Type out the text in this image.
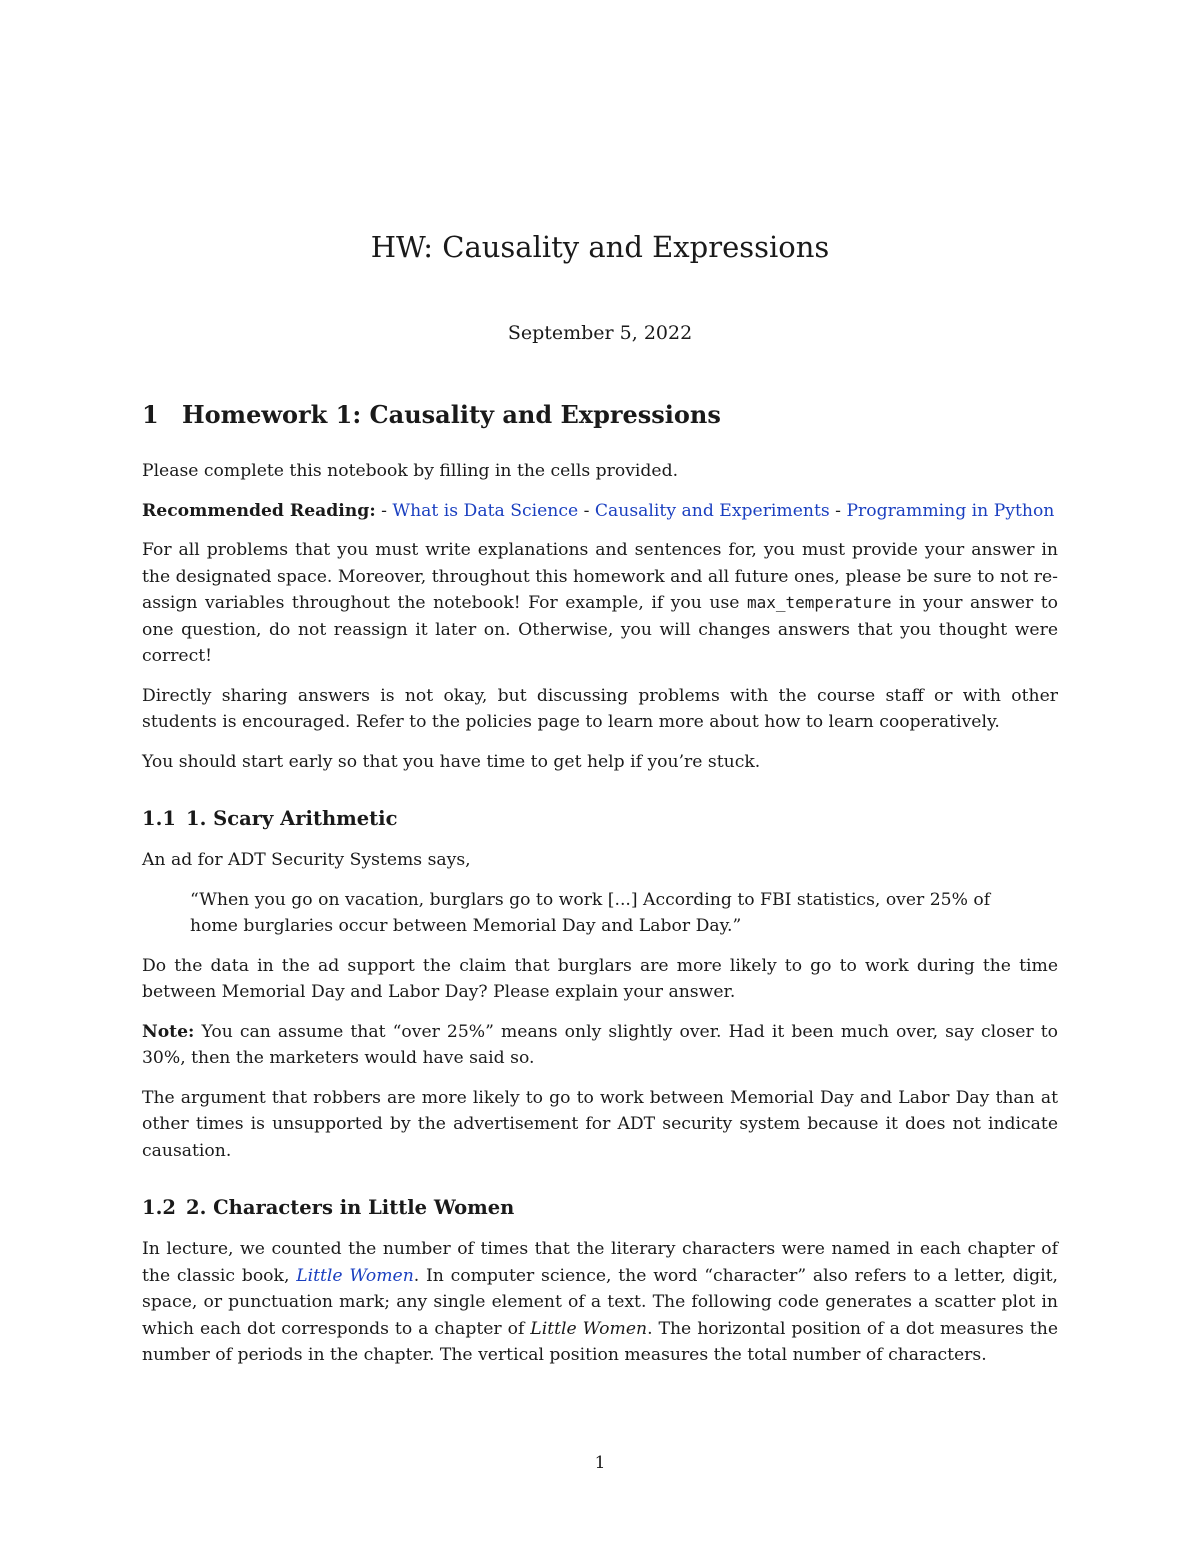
HW: Causality and Expressions
September 5, 2022
1 Homework 1: Causality and Expressions

Please complete this notebook by filling in the cells provided.

Recommended Reading: - What is Data Science - Causality and Experiments - Programming in Python

For all problems that you must write explanations and sentences for, you must provide your answer in the designated space. Moreover, throughout this homework and all future ones, please be sure to not re-assign variables throughout the notebook! For example, if you use max_temperature in your answer to one question, do not reassign it later on. Otherwise, you will changes answers that you thought were correct!

Directly sharing answers is not okay, but discussing problems with the course staff or with other students is encouraged. Refer to the policies page to learn more about how to learn cooperatively.

You should start early so that you have time to get help if you’re stuck.

1.1 1. Scary Arithmetic

An ad for ADT Security Systems says,

“When you go on vacation, burglars go to work [...] According to FBI statistics, over 25% of home burglaries occur between Memorial Day and Labor Day.”

Do the data in the ad support the claim that burglars are more likely to go to work during the time between Memorial Day and Labor Day? Please explain your answer.

Note: You can assume that “over 25%” means only slightly over. Had it been much over, say closer to 30%, then the marketers would have said so.

The argument that robbers are more likely to go to work between Memorial Day and Labor Day than at other times is unsupported by the advertisement for ADT security system because it does not indicate causation.

1.2 2. Characters in Little Women

In lecture, we counted the number of times that the literary characters were named in each chapter of the classic book, Little Women. In computer science, the word “character” also refers to a letter, digit, space, or punctuation mark; any single element of a text. The following code generates a scatter plot in which each dot corresponds to a chapter of Little Women. The horizontal position of a dot measures the number of periods in the chapter. The vertical position measures the total number of characters.

1
